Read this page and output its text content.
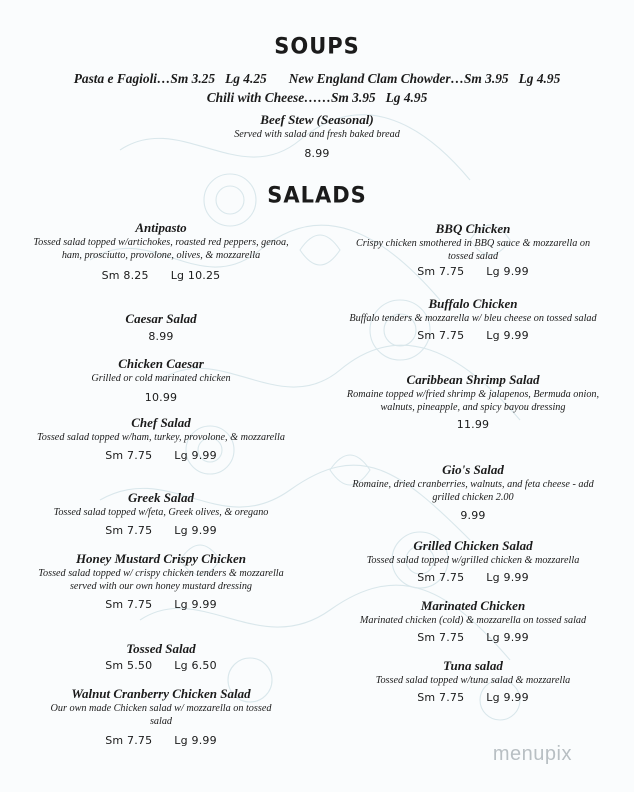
SOUPS
Pasta e Fagioli…Sm 3.25 Lg 4.25 New England Clam Chowder…Sm 3.95 Lg 4.95
Chili with Cheese……Sm 3.95 Lg 4.95
Beef Stew (Seasonal)
Served with salad and fresh baked bread
8.99
SALADS
Antipasto
Tossed salad topped w/artichokes, roasted red peppers, genoa, ham, prosciutto, provolone, olives, & mozzarella
Sm 8.25 Lg 10.25
Caesar Salad
8.99
Chicken Caesar
Grilled or cold marinated chicken
10.99
Chef Salad
Tossed salad topped w/ham, turkey, provolone, & mozzarella
Sm 7.75 Lg 9.99
Greek Salad
Tossed salad topped w/feta, Greek olives, & oregano
Sm 7.75 Lg 9.99
Honey Mustard Crispy Chicken
Tossed salad topped w/ crispy chicken tenders & mozzarella served with our own honey mustard dressing
Sm 7.75 Lg 9.99
Tossed Salad
Sm 5.50 Lg 6.50
Walnut Cranberry Chicken Salad
Our own made Chicken salad w/ mozzarella on tossed salad
Sm 7.75 Lg 9.99
BBQ Chicken
Crispy chicken smothered in BBQ sauce & mozzarella on tossed salad
Sm 7.75 Lg 9.99
Buffalo Chicken
Buffalo tenders & mozzarella w/ bleu cheese on tossed salad
Sm 7.75 Lg 9.99
Caribbean Shrimp Salad
Romaine topped w/fried shrimp & jalapenos, Bermuda onion, walnuts, pineapple, and spicy bayou dressing
11.99
Gio's Salad
Romaine, dried cranberries, walnuts, and feta cheese - add grilled chicken 2.00
9.99
Grilled Chicken Salad
Tossed salad topped w/grilled chicken & mozzarella
Sm 7.75 Lg 9.99
Marinated Chicken
Marinated chicken (cold) & mozzarella on tossed salad
Sm 7.75 Lg 9.99
Tuna salad
Tossed salad topped w/tuna salad & mozzarella
Sm 7.75 Lg 9.99
menupix
